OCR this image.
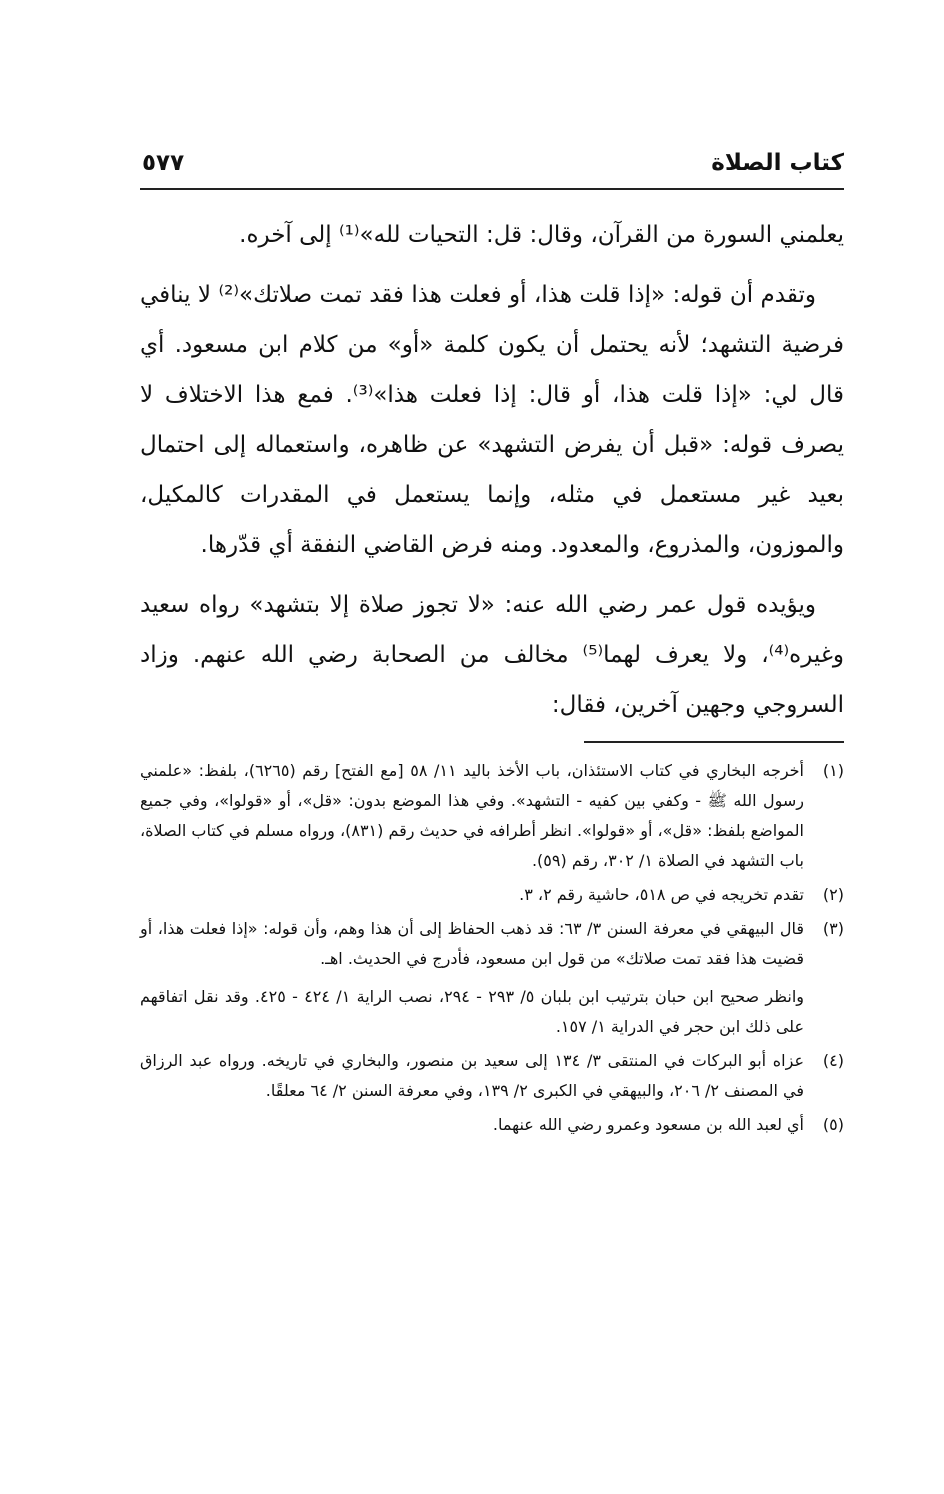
كتاب الصلاة
٥٧٧

يعلمني السورة من القرآن، وقال: قل: التحيات لله»⁽¹⁾ إلى آخره.

وتقدم أن قوله: «إذا قلت هذا، أو فعلت هذا فقد تمت صلاتك»⁽²⁾ لا ينافي فرضية التشهد؛ لأنه يحتمل أن يكون كلمة «أو» من كلام ابن مسعود. أي قال لي: «إذا قلت هذا، أو قال: إذا فعلت هذا»⁽³⁾. فمع هذا الاختلاف لا يصرف قوله: «قبل أن يفرض التشهد» عن ظاهره، واستعماله إلى احتمال بعيد غير مستعمل في مثله، وإنما يستعمل في المقدرات كالمكيل، والموزون، والمذروع، والمعدود. ومنه فرض القاضي النفقة أي قدّرها.

ويؤيده قول عمر رضي الله عنه: «لا تجوز صلاة إلا بتشهد» رواه سعيد وغيره⁽⁴⁾، ولا يعرف لهما⁽⁵⁾ مخالف من الصحابة رضي الله عنهم. وزاد السروجي وجهين آخرين، فقال:

(١)
أخرجه البخاري في كتاب الاستئذان، باب الأخذ باليد ١١/ ٥٨ [مع الفتح] رقم (٦٢٦٥)، بلفظ: «علمني رسول الله ﷺ - وكفي بين كفيه - التشهد». وفي هذا الموضع بدون: «قل»، أو «قولوا»، وفي جميع المواضع بلفظ: «قل»، أو «قولوا». انظر أطرافه في حديث رقم (٨٣١)، ورواه مسلم في كتاب الصلاة، باب التشهد في الصلاة ١/ ٣٠٢، رقم (٥٩).
(٢)
تقدم تخريجه في ص ٥١٨، حاشية رقم ٢، ٣.
(٣)
قال البيهقي في معرفة السنن ٣/ ٦٣: قد ذهب الحفاظ إلى أن هذا وهم، وأن قوله: «إذا فعلت هذا، أو قضيت هذا فقد تمت صلاتك» من قول ابن مسعود، فأدرج في الحديث. اهـ.
وانظر صحيح ابن حبان بترتيب ابن بلبان ٥/ ٢٩٣ - ٢٩٤، نصب الراية ١/ ٤٢٤ - ٤٢٥. وقد نقل اتفاقهم على ذلك ابن حجر في الدراية ١/ ١٥٧.
(٤)
عزاه أبو البركات في المنتقى ٣/ ١٣٤ إلى سعيد بن منصور، والبخاري في تاريخه. ورواه عبد الرزاق في المصنف ٢/ ٢٠٦، والبيهقي في الكبرى ٢/ ١٣٩، وفي معرفة السنن ٢/ ٦٤ معلقًا.
(٥)
أي لعبد الله بن مسعود وعمرو رضي الله عنهما.
